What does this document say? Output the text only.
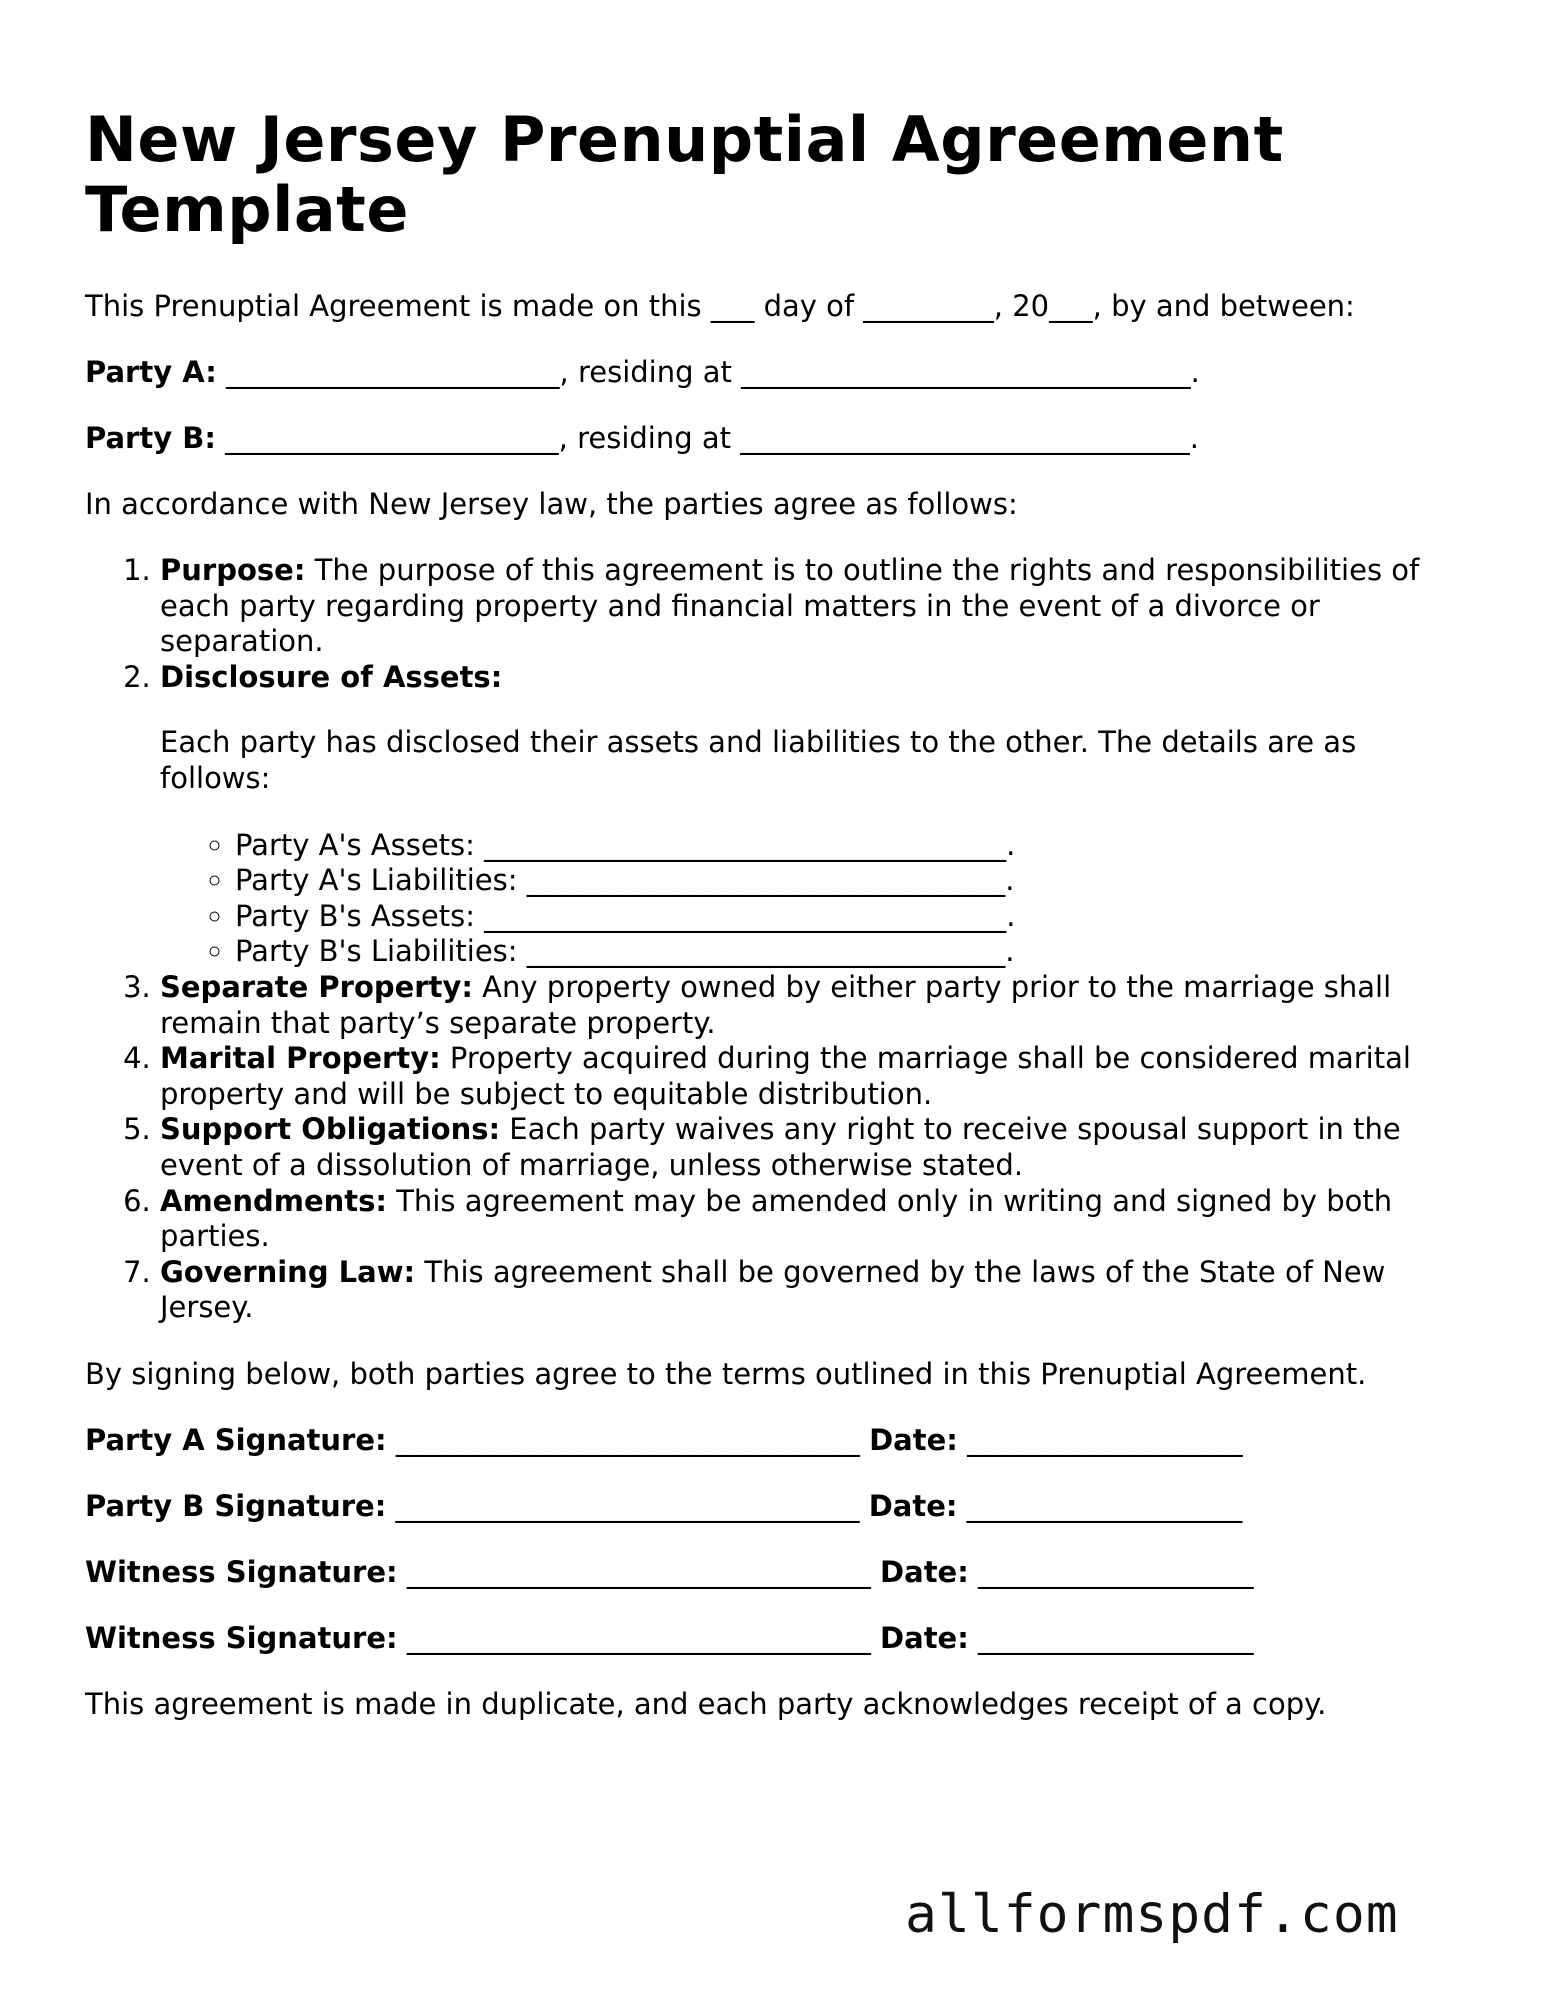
New Jersey Prenuptial Agreement Template

This Prenuptial Agreement is made on this ___ day of _________, 20___, by and between:

Party A: _______________________, residing at _______________________________.

Party B: _______________________, residing at _______________________________.

In accordance with New Jersey law, the parties agree as follows:

1. Purpose: The purpose of this agreement is to outline the rights and responsibilities of each party regarding property and financial matters in the event of a divorce or separation.
2. Disclosure of Assets:

Each party has disclosed their assets and liabilities to the other. The details are as follows:

◦ Party A's Assets: ____________________________________.
◦ Party A's Liabilities: _________________________________.
◦ Party B's Assets: ____________________________________.
◦ Party B's Liabilities: _________________________________.
3. Separate Property: Any property owned by either party prior to the marriage shall remain that party’s separate property.
4. Marital Property: Property acquired during the marriage shall be considered marital property and will be subject to equitable distribution.
5. Support Obligations: Each party waives any right to receive spousal support in the event of a dissolution of marriage, unless otherwise stated.
6. Amendments: This agreement may be amended only in writing and signed by both parties.
7. Governing Law: This agreement shall be governed by the laws of the State of New Jersey.

By signing below, both parties agree to the terms outlined in this Prenuptial Agreement.

Party A Signature: ________________________________ Date: ___________________

Party B Signature: ________________________________ Date: ___________________

Witness Signature: ________________________________ Date: ___________________

Witness Signature: ________________________________ Date: ___________________

This agreement is made in duplicate, and each party acknowledges receipt of a copy.

allformspdf.com
